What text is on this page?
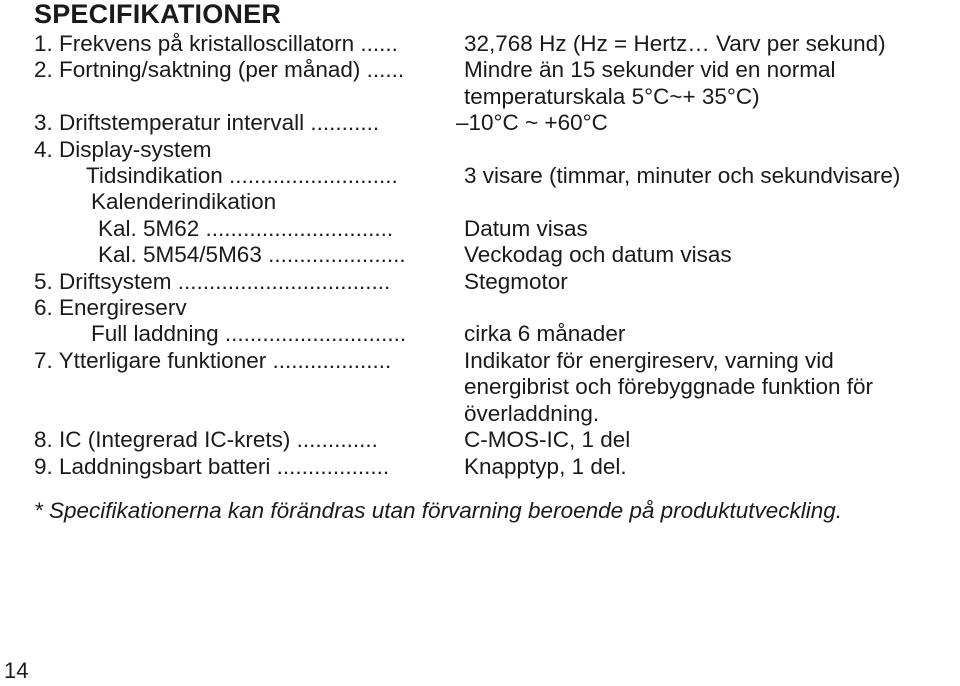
SPECIFIKATIONER
1. Frekvens på kristalloscillatorn ......	32,768 Hz (Hz = Hertz… Varv per sekund)
2. Fortning/saktning (per månad) ......	Mindre än 15 sekunder vid en normal temperaturskala 5°C~+ 35°C)
3. Driftstemperatur intervall ...........	–10°C ~ +60°C
4. Display-system
Tidsindikation ...........................	3 visare (timmar, minuter och sekundvisare)
Kalenderindikation
Kal. 5M62 ..............................	Datum visas
Kal. 5M54/5M63 ......................	Veckodag och datum visas
5. Driftsystem ..................................	Stegmotor
6. Energireserv
Full laddning .............................	cirka 6 månader
7. Ytterligare funktioner ...................	Indikator för energireserv, varning vid energibrist och förebyggnade funktion för överladdning.
8. IC (Integrerad IC-krets) .............	C-MOS-IC, 1 del
9. Laddningsbart batteri ..................	Knapptyp, 1 del.
* Specifikationerna kan förändras utan förvarning beroende på produktutveckling.
14
